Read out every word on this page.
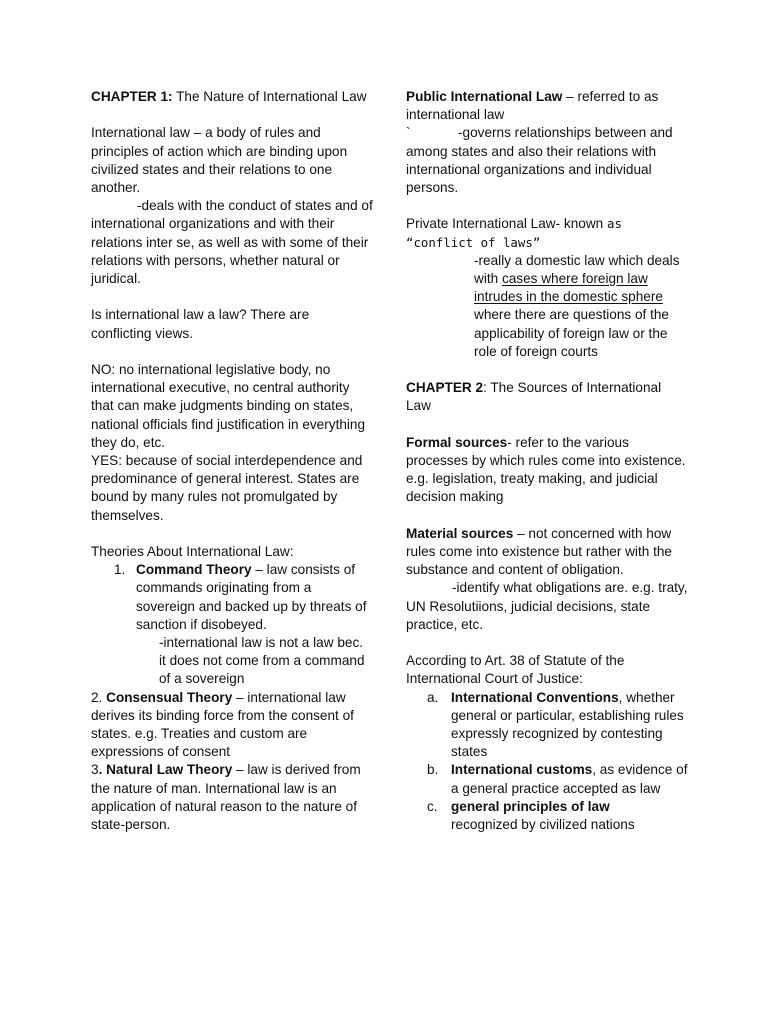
CHAPTER 1: The Nature of International Law

International law – a body of rules and principles of action which are binding upon civilized states and their relations to one another.

-deals with the conduct of states and of international organizations and with their relations inter se, as well as with some of their relations with persons, whether natural or juridical.

Is international law a law? There are conflicting views.

NO: no international legislative body, no international executive, no central authority that can make judgments binding on states, national officials find justification in everything they do, etc.

YES: because of social interdependence and predominance of general interest. States are bound by many rules not promulgated by themselves.

Theories About International Law:

1. Command Theory – law consists of commands originating from a sovereign and backed up by threats of sanction if disobeyed.

-international law is not a law bec. it does not come from a command of a sovereign

2. Consensual Theory – international law derives its binding force from the consent of states. e.g. Treaties and custom are expressions of consent

3. Natural Law Theory – law is derived from the nature of man. International law is an application of natural reason to the nature of state-person.

Public International Law – referred to as international law

`	-governs relationships between and among states and also their relations with international organizations and individual persons.

Private International Law- known as “conflict of laws”

-really a domestic law which deals with cases where foreign law intrudes in the domestic sphere where there are questions of the applicability of foreign law or the role of foreign courts

CHAPTER 2: The Sources of International Law

Formal sources- refer to the various processes by which rules come into existence. e.g. legislation, treaty making, and judicial decision making

Material sources – not concerned with how rules come into existence but rather with the substance and content of obligation.

-identify what obligations are. e.g. traty, UN Resolutiions, judicial decisions, state practice, etc.

According to Art. 38 of Statute of the International Court of Justice:

a. International Conventions, whether general or particular, establishing rules expressly recognized by contesting states

b. International customs, as evidence of a general practice accepted as law

c. general principles of law
recognized by civilized nations
